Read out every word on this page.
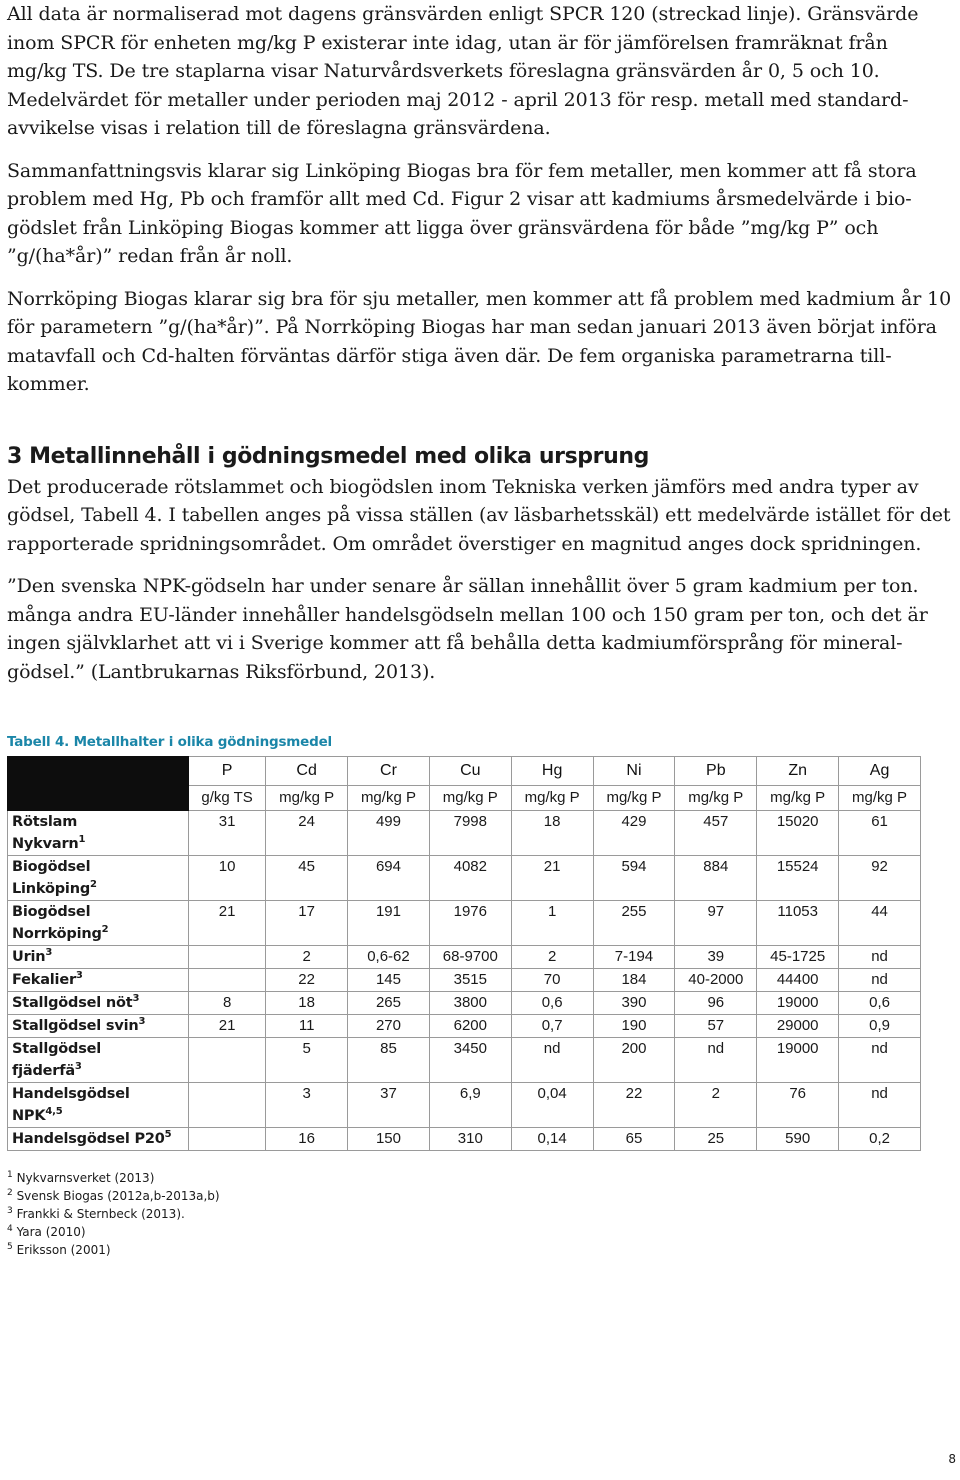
All data är normaliserad mot dagens gränsvärden enligt SPCR 120 (streckad linje). Gränsvärde inom SPCR för enheten mg/kg P existerar inte idag, utan är för jämförelsen framräknat från mg/kg TS. De tre staplarna visar Naturvårdsverkets föreslagna gränsvärden år 0, 5 och 10. Medelvärdet för metaller under perioden maj 2012 - april 2013 för resp. metall med standard-avvikelse visas i relation till de föreslagna gränsvärdena.

Sammanfattningsvis klarar sig Linköping Biogas bra för fem metaller, men kommer att få stora problem med Hg, Pb och framför allt med Cd. Figur 2 visar att kadmiums årsmedelvärde i bio-gödslet från Linköping Biogas kommer att ligga över gränsvärdena för både ”mg/kg P” och ”g/(ha*år)” redan från år noll.

Norrköping Biogas klarar sig bra för sju metaller, men kommer att få problem med kadmium år 10 för parametern ”g/(ha*år)”. På Norrköping Biogas har man sedan januari 2013 även börjat införa matavfall och Cd-halten förväntas därför stiga även där. De fem organiska parametrarna till-kommer.

3 Metallinnehåll i gödningsmedel med olika ursprung

Det producerade rötslammet och biogödslen inom Tekniska verken jämförs med andra typer av gödsel, Tabell 4. I tabellen anges på vissa ställen (av läsbarhetsskäl) ett medelvärde istället för det rapporterade spridningsområdet. Om området överstiger en magnitud anges dock spridningen.

”Den svenska NPK-gödseln har under senare år sällan innehållit över 5 gram kadmium per ton. många andra EU-länder innehåller handelsgödseln mellan 100 och 150 gram per ton, och det är ingen självklarhet att vi i Sverige kommer att få behålla detta kadmiumförsprång för mineral-gödsel.” (Lantbrukarnas Riksförbund, 2013).

Tabell 4. Metallhalter i olika gödningsmedel
	P	Cd	Cr	Cu	Hg	Ni	Pb	Zn	Ag
	g/kg TS	mg/kg P	mg/kg P	mg/kg P	mg/kg P	mg/kg P	mg/kg P	mg/kg P	mg/kg P
Rötslam
Nykvarn$^1$	31	24	499	7998	18	429	457	15020	61
Biogödsel
Linköping$^2$	10	45	694	4082	21	594	884	15524	92
Biogödsel
Norrköping$^2$	21	17	191	1976	1	255	97	11053	44
Urin$^3$		2	0,6-62	68-9700	2	7-194	39	45-1725	nd
Fekalier$^3$		22	145	3515	70	184	40-2000	44400	nd
Stallgödsel nöt$^3$	8	18	265	3800	0,6	390	96	19000	0,6
Stallgödsel svin$^3$	21	11	270	6200	0,7	190	57	29000	0,9
Stallgödsel
fjäderfä$^3$		5	85	3450	nd	200	nd	19000	nd
Handelsgödsel
NPK$^{4,5}$		3	37	6,9	0,04	22	2	76	nd
Handelsgödsel $P20^5$		16	150	310	0,14	65	25	590	0,2
$^1$ Nykvarnsverket (2013)
$^2$ Svensk Biogas (2012a,b-2013a,b)
$^3$ Frankki & Sternbeck (2013).
$^4$ Yara (2010)
$^5$ Eriksson (2001)
8
